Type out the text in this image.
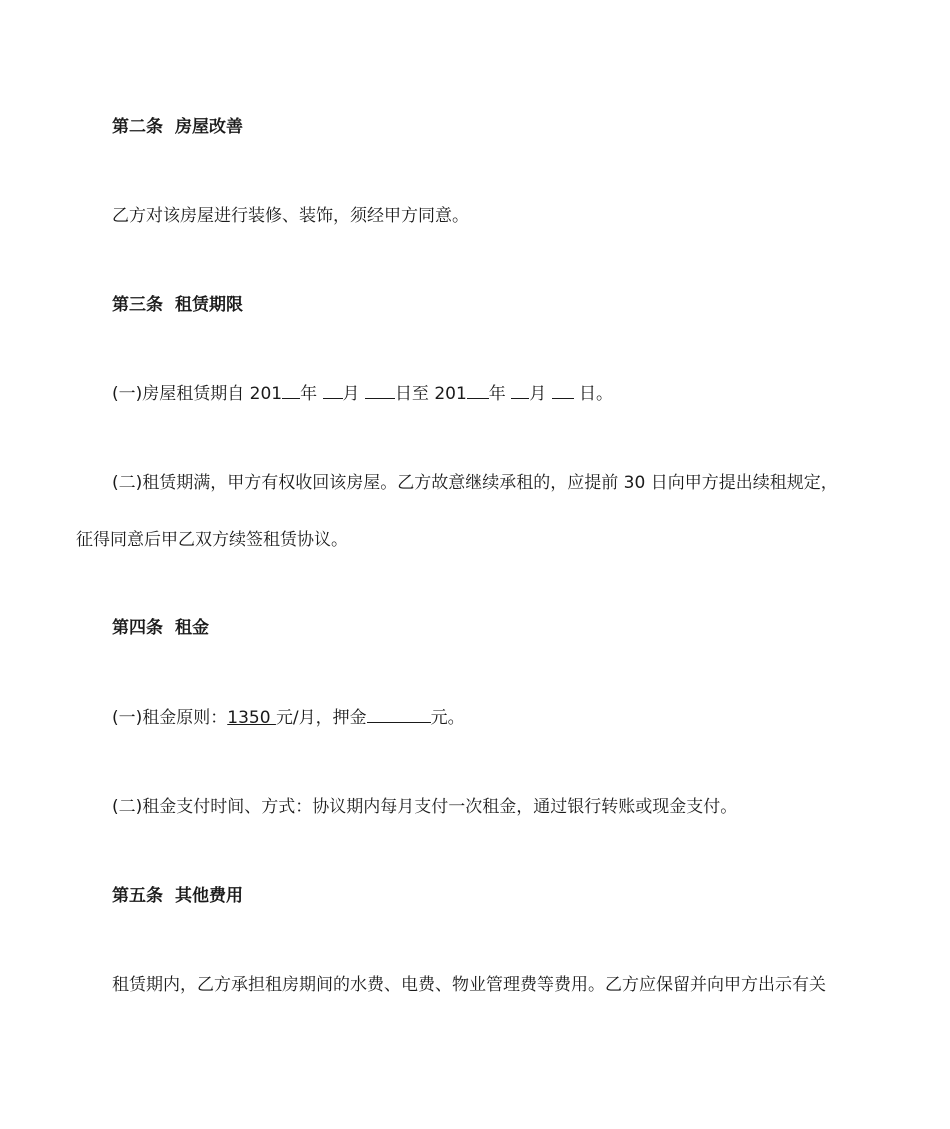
第二条 房屋改善
乙方对该房屋进行装修、装饰，须经甲方同意。
第三条 租赁期限
(一)房屋租赁期自 201 年 月 日至 201 年 月  日。
(二)租赁期满，甲方有权收回该房屋。乙方故意继续承租的，应提前 30 日向甲方提出续租规定，
征得同意后甲乙双方续签租赁协议。
第四条 租金
(一)租金原则：1350 元/月，押金	元。
(二)租金支付时间、方式：协议期内每月支付一次租金，通过银行转账或现金支付。
第五条 其他费用
租赁期内，乙方承担租房期间的水费、电费、物业管理费等费用。乙方应保留并向甲方出示有关
